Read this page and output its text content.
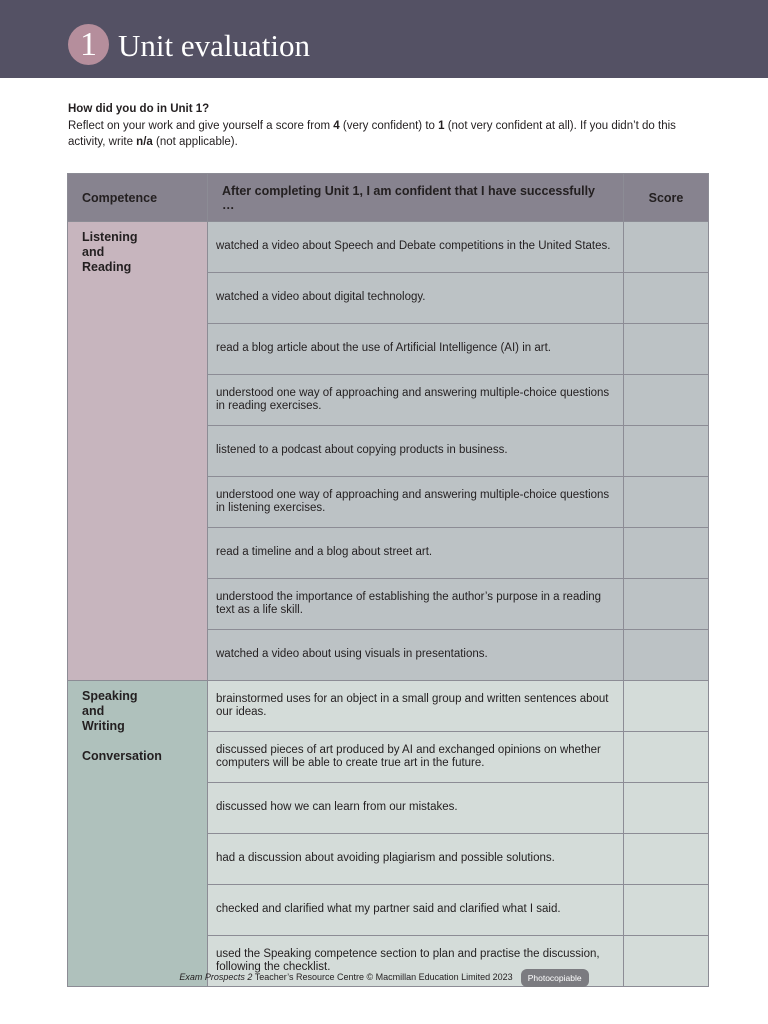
1 Unit evaluation
How did you do in Unit 1?
Reflect on your work and give yourself a score from 4 (very confident) to 1 (not very confident at all). If you didn’t do this activity, write n/a (not applicable).
Competence	After completing Unit 1, I am confident that I have successfully …	Score

Listening
and
Reading	watched a video about Speech and Debate competitions in the United States.	
	watched a video about digital technology.	
	read a blog article about the use of Artificial Intelligence (AI) in art.	
	understood one way of approaching and answering multiple-choice questions in reading exercises.	
	listened to a podcast about copying products in business.	
	understood one way of approaching and answering multiple-choice questions in listening exercises.	
	read a timeline and a blog about street art.	
	understood the importance of establishing the author’s purpose in a reading text as a life skill.	
	watched a video about using visuals in presentations.	

Speaking
and
Writing
Conversation	brainstormed uses for an object in a small group and written sentences about our ideas.	
	discussed pieces of art produced by AI and exchanged opinions on whether computers will be able to create true art in the future.	
	discussed how we can learn from our mistakes.	
	had a discussion about avoiding plagiarism and possible solutions.	
	checked and clarified what my partner said and clarified what I said.	
	used the Speaking competence section to plan and practise the discussion, following the checklist.	
Exam Prospects 2 Teacher’s Resource Centre © Macmillan Education Limited 2023 Photocopiable
